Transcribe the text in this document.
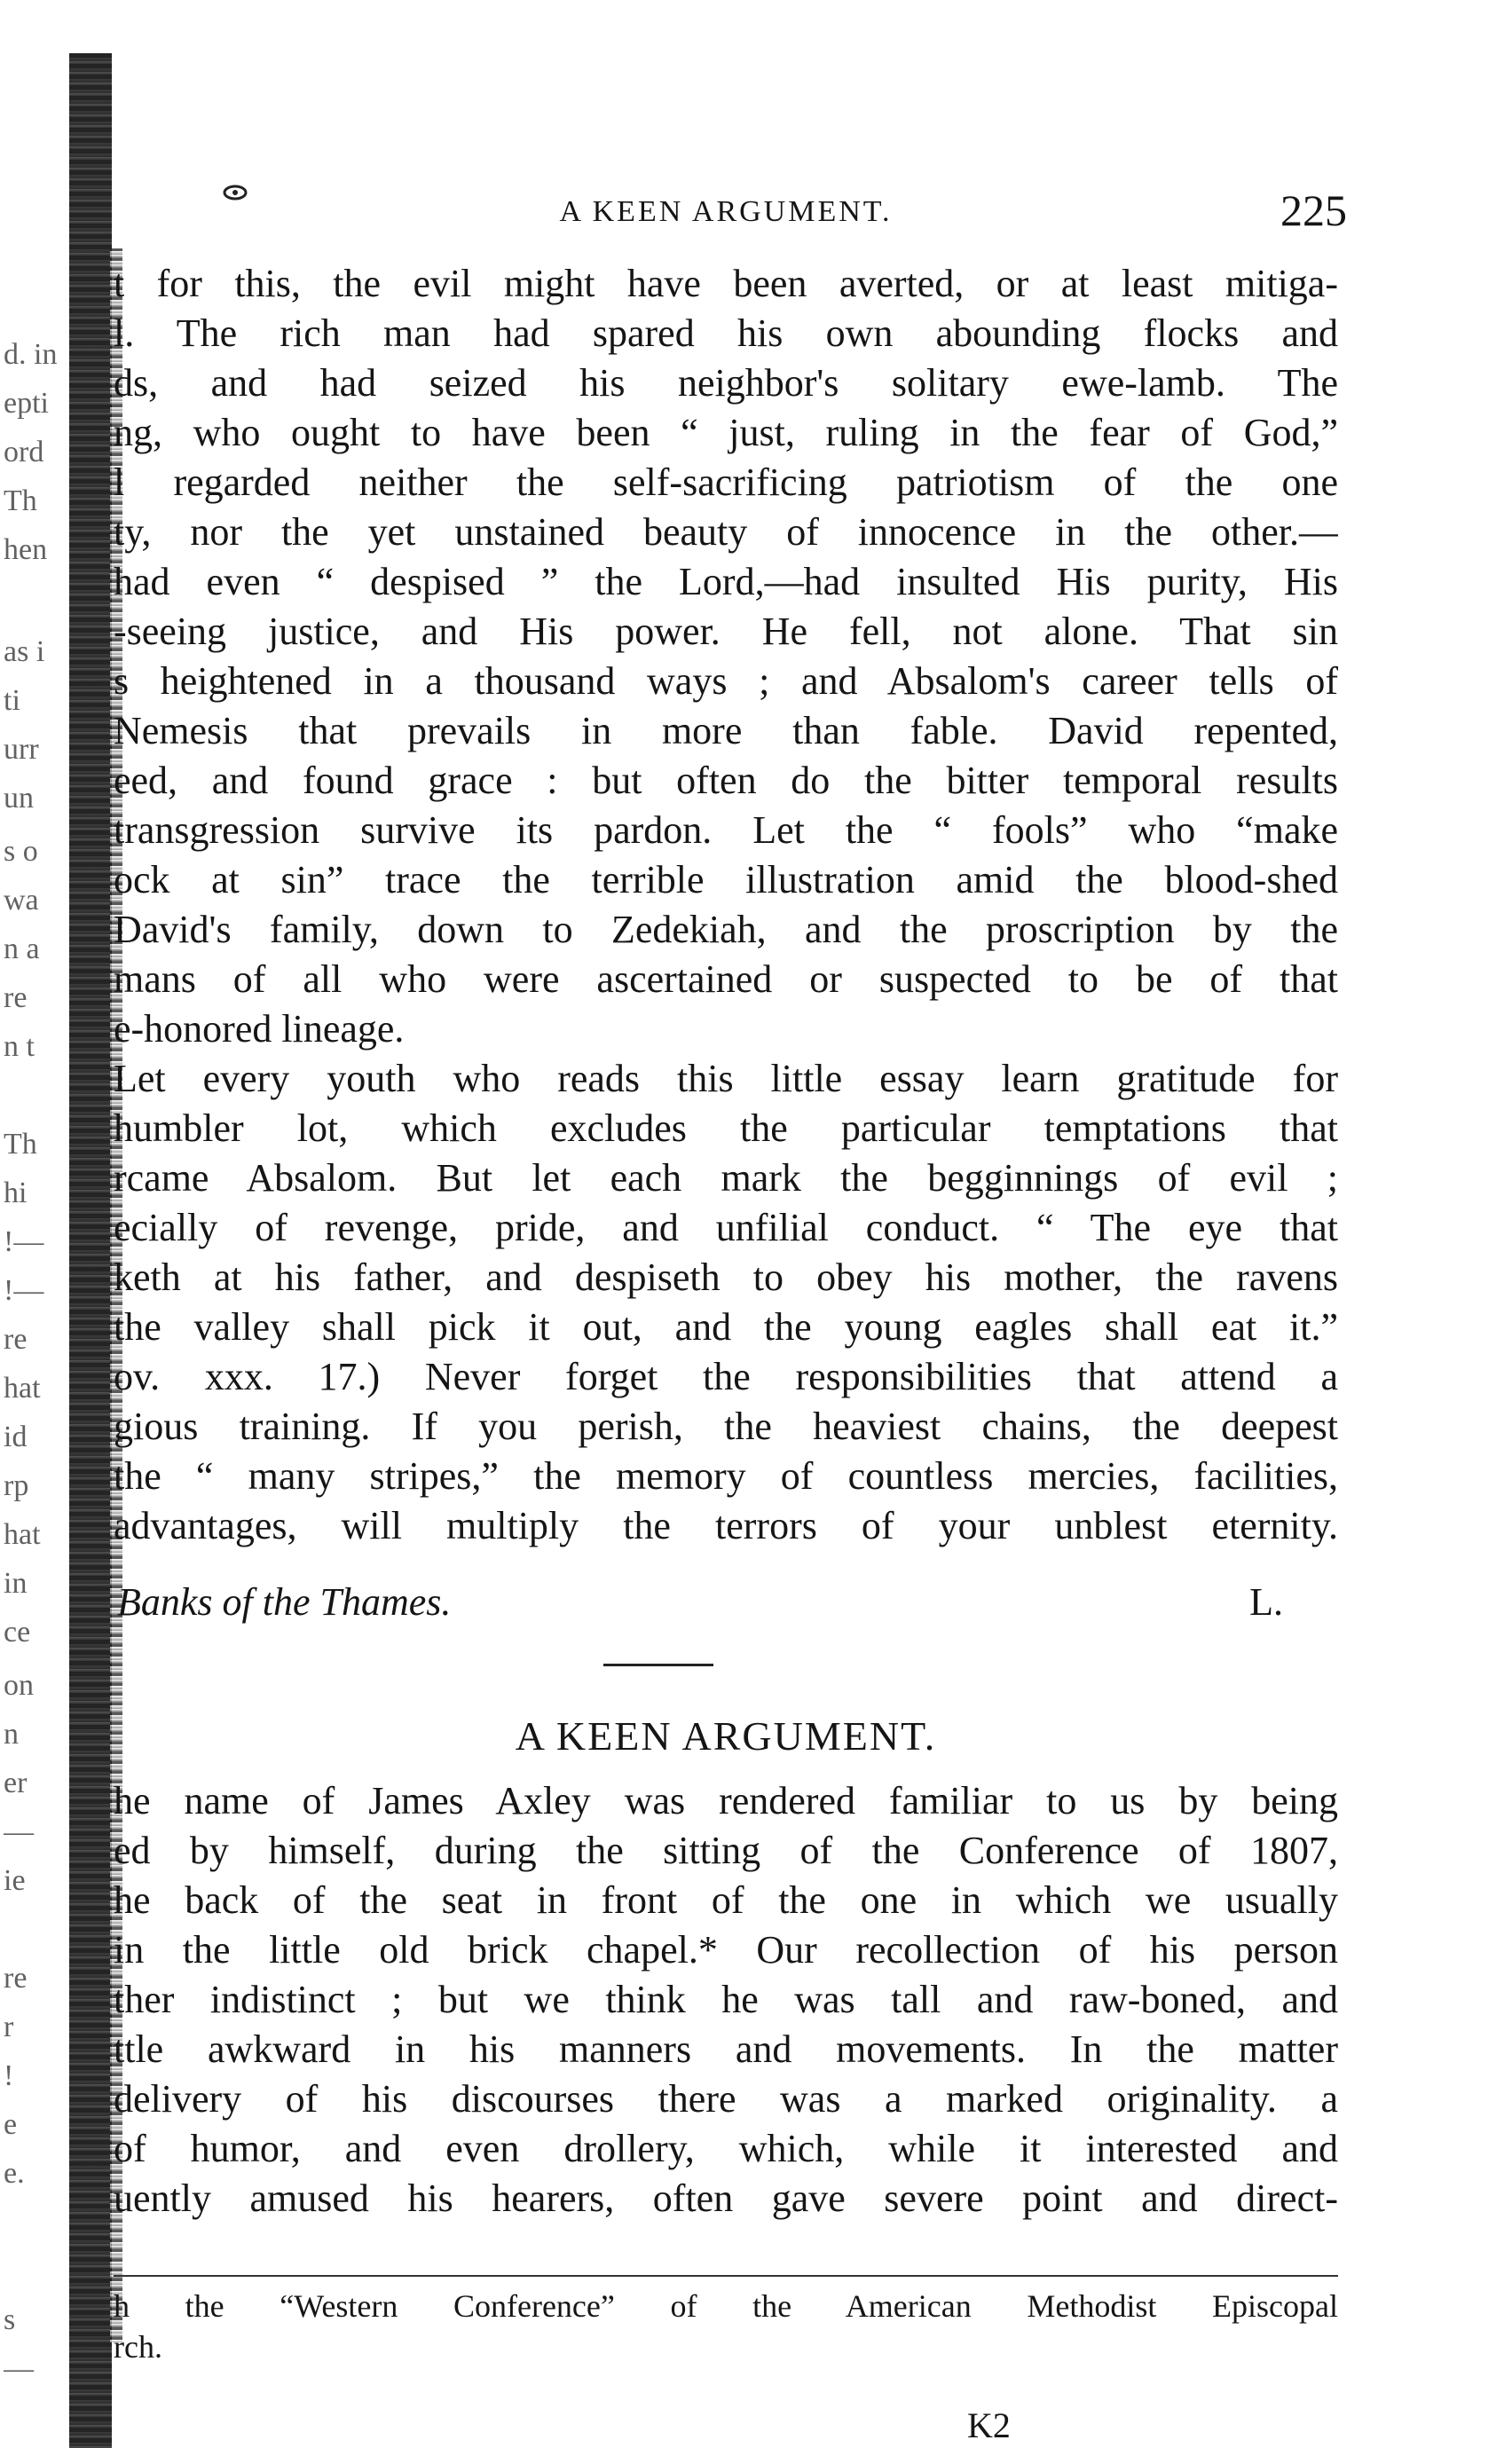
d. in
epti
ord
Th
hen
as i
ti
urr
un
s o
wa
n a
re
n t
Th
hi
!—
!—
re
hat
id
rp
hat
in
ce
on
n
er
—
ie
re
r
!
e
e.
s
—
A KEEN ARGUMENT.	225
t for this, the evil might have been averted, or at least mitiga-
l. The rich man had spared his own abounding flocks and
ds, and had seized his neighbor's solitary ewe-lamb. The
ng, who ought to have been “ just, ruling in the fear of God,”
l regarded neither the self-sacrificing patriotism of the one
ty, nor the yet unstained beauty of innocence in the other.—
had even “ despised ” the Lord,—had insulted His purity, His
-seeing justice, and His power. He fell, not alone. That sin
s heightened in a thousand ways ; and Absalom's career tells of
Nemesis that prevails in more than fable. David repented,
eed, and found grace : but often do the bitter temporal results
transgression survive its pardon. Let the “ fools” who “make
ock at sin” trace the terrible illustration amid the blood-shed
David's family, down to Zedekiah, and the proscription by the
mans of all who were ascertained or suspected to be of that
e-honored lineage.
Let every youth who reads this little essay learn gratitude for
humbler lot, which excludes the particular temptations that
rcame Absalom. But let each mark the begginnings of evil ;
ecially of revenge, pride, and unfilial conduct. “ The eye that
keth at his father, and despiseth to obey his mother, the ravens
the valley shall pick it out, and the young eagles shall eat it.”
ov. xxx. 17.) Never forget the responsibilities that attend a
gious training. If you perish, the heaviest chains, the deepest
the “ many stripes,” the memory of countless mercies, facilities,
advantages, will multiply the terrors of your unblest eternity.
Banks of the Thames.	L.
A KEEN ARGUMENT.
he name of James Axley was rendered familiar to us by being
ed by himself, during the sitting of the Conference of 1807,
he back of the seat in front of the one in which we usually
in the little old brick chapel.* Our recollection of his person
ther indistinct ; but we think he was tall and raw-boned, and
ttle awkward in his manners and movements. In the matter
delivery of his discourses there was a marked originality. a
of humor, and even drollery, which, while it interested and
uently amused his hearers, often gave severe point and direct-
h the “Western Conference” of the American Methodist Episcopal
rch.
K2
